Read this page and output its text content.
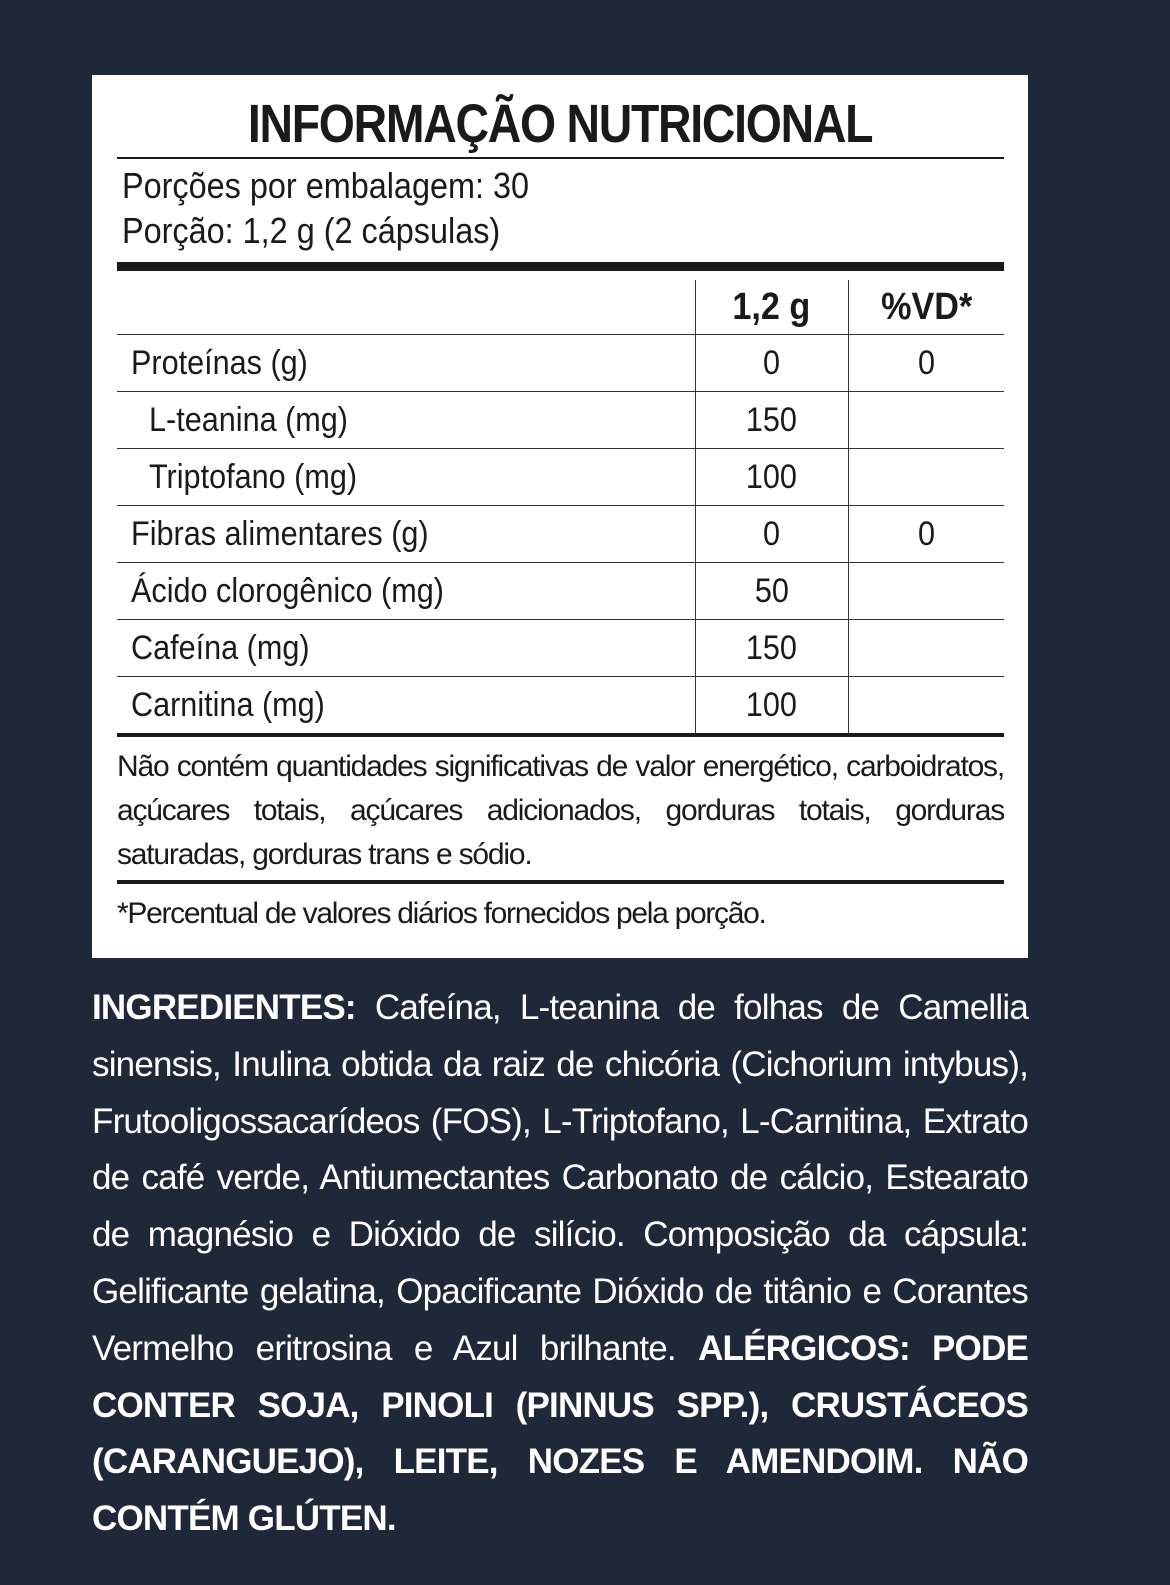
INFORMAÇÃO NUTRICIONAL
Porções por embalagem: 30
Porção: 1,2 g (2 cápsulas)
	1,2 g	%VD*
Proteínas (g)	0	0
L-teanina (mg)	150	
Triptofano (mg)	100	
Fibras alimentares (g)	0	0
Ácido clorogênico (mg)	50	
Cafeína (mg)	150	
Carnitina (mg)	100	
Não contém quantidades significativas de valor energético, carboidratos, açúcares totais, açúcares adicionados, gorduras totais, gorduras saturadas, gorduras trans e sódio.
*Percentual de valores diários fornecidos pela porção.
INGREDIENTES: Cafeína, L-teanina de folhas de Camellia sinensis, Inulina obtida da raiz de chicória (Cichorium intybus), Frutooligossacarídeos (FOS), L-Triptofano, L-Carnitina, Extrato de café verde, Antiumectantes Carbonato de cálcio, Estearato de magnésio e Dióxido de silício. Composição da cápsula: Gelificante gelatina, Opacificante Dióxido de titânio e Corantes Vermelho eritrosina e Azul brilhante. ALÉRGICOS: PODE CONTER SOJA, PINOLI (PINNUS SPP.), CRUSTÁCEOS (CARANGUEJO), LEITE, NOZES E AMENDOIM. NÃO CONTÉM GLÚTEN.
